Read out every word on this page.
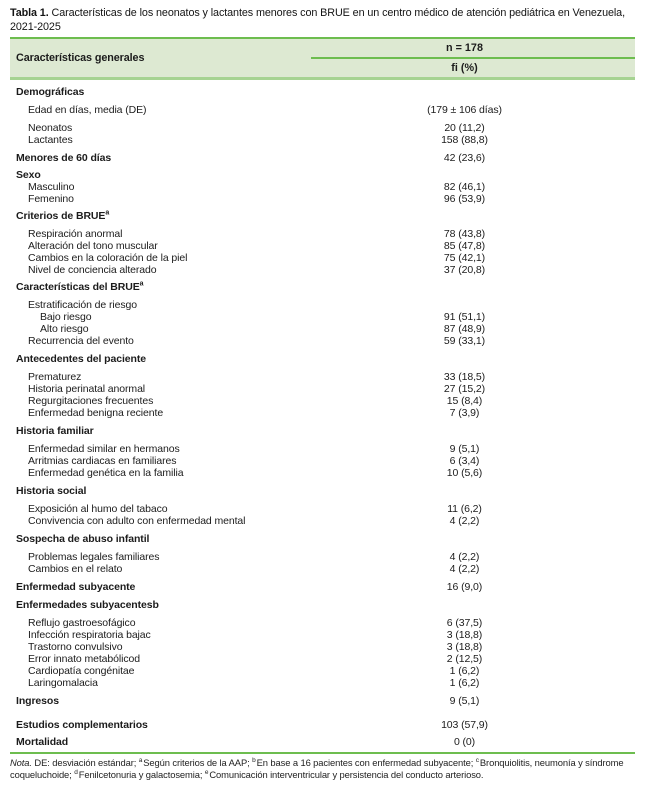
Tabla 1. Características de los neonatos y lactantes menores con BRUE en un centro médico de atención pediátrica en Venezuela, 2021-2025

Características generales
n = 178
fi (%)
Demográficas
Edad en días, media (DE)	(179 ± 106 días)
Neonatos	20 (11,2)
Lactantes	158 (88,8)
Menores de 60 días	42 (23,6)
Sexo
Masculino	82 (46,1)
Femenino	96 (53,9)
Criterios de BRUE$^a$
Respiración anormal	78 (43,8)
Alteración del tono muscular	85 (47,8)
Cambios en la coloración de la piel	75 (42,1)
Nivel de conciencia alterado	37 (20,8)
Características del BRUE$^a$
Estratificación de riesgo
Bajo riesgo	91 (51,1)
Alto riesgo	87 (48,9)
Recurrencia del evento	59 (33,1)
Antecedentes del paciente
Prematurez	33 (18,5)
Historia perinatal anormal	27 (15,2)
Regurgitaciones frecuentes	15 (8,4)
Enfermedad benigna reciente	7 (3,9)
Historia familiar
Enfermedad similar en hermanos	9 (5,1)
Arritmias cardiacas en familiares	6 (3,4)
Enfermedad genética en la familia	10 (5,6)
Historia social
Exposición al humo del tabaco	11 (6,2)
Convivencia con adulto con enfermedad mental	4 (2,2)
Sospecha de abuso infantil
Problemas legales familiares	4 (2,2)
Cambios en el relato	4 (2,2)
Enfermedad subyacente	16 (9,0)
Enfermedades subyacentesb
Reflujo gastroesofágico	6 (37,5)
Infección respiratoria bajac	3 (18,8)
Trastorno convulsivo	3 (18,8)
Error innato metabólicod	2 (12,5)
Cardiopatía congénitae	1 (6,2)
Laringomalacia	1 (6,2)
Ingresos	9 (5,1)
Estudios complementarios	103 (57,9)
Mortalidad	0 (0)

Nota. DE: desviación estándar; $^a$Según criterios de la AAP; $^b$En base a 16 pacientes con enfermedad subyacente; $^c$Bronquiolitis, neumonía y síndrome coqueluchoide; $^d$Fenilcetonuria y galactosemia; $^e$Comunicación interventricular y persistencia del conducto arterioso.
